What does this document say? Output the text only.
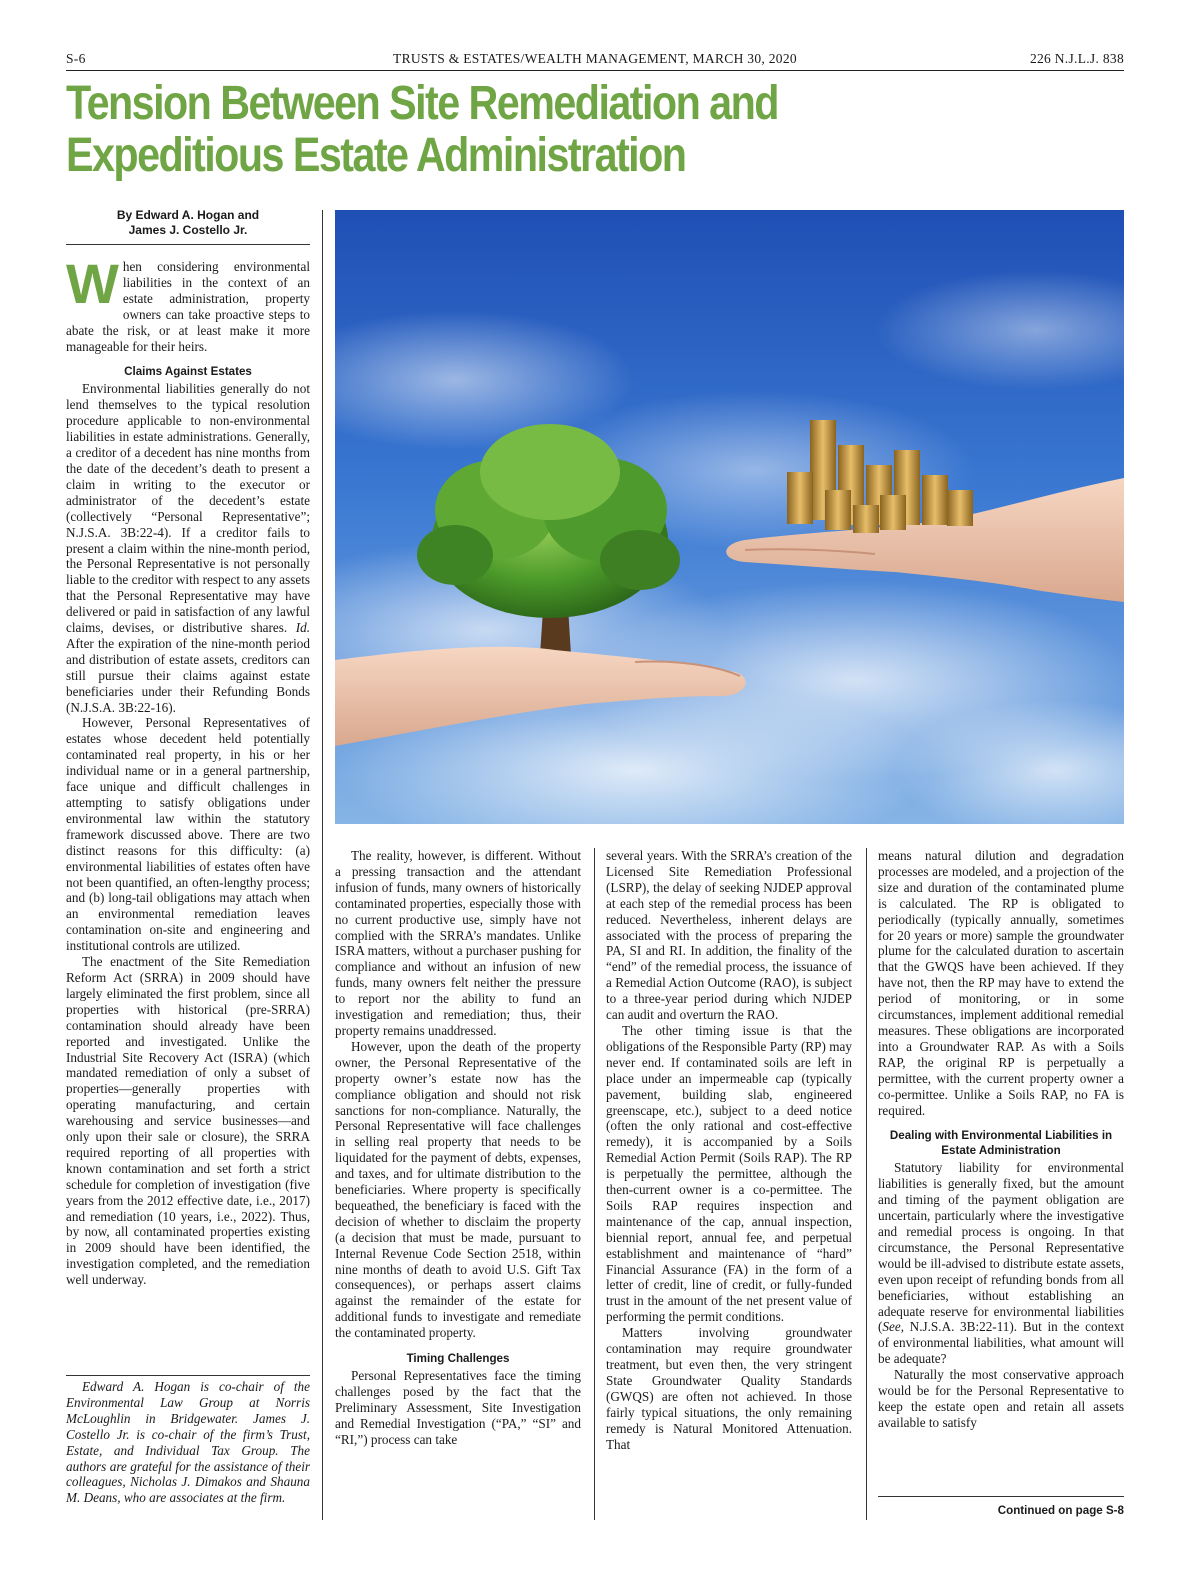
S-6	TRUSTS & ESTATES/WEALTH MANAGEMENT, MARCH 30, 2020	226 N.J.L.J. 838
Tension Between Site Remediation and Expeditious Estate Administration
By Edward A. Hogan and
James J. Costello Jr.

When considering environmental liabilities in the context of an estate administration, property owners can take proactive steps to abate the risk, or at least make it more manageable for their heirs.

Claims Against Estates

Environmental liabilities generally do not lend themselves to the typical resolution procedure applicable to non-environmental liabilities in estate administrations. Generally, a creditor of a decedent has nine months from the date of the decedent’s death to present a claim in writing to the executor or administrator of the decedent’s estate (collectively “Personal Representative”; N.J.S.A. 3B:22-4). If a creditor fails to present a claim within the nine-month period, the Personal Representative is not personally liable to the creditor with respect to any assets that the Personal Representative may have delivered or paid in satisfaction of any lawful claims, devises, or distributive shares. Id. After the expiration of the nine-month period and distribution of estate assets, creditors can still pursue their claims against estate beneficiaries under their Refunding Bonds (N.J.S.A. 3B:22-16).

However, Personal Representatives of estates whose decedent held potentially contaminated real property, in his or her individual name or in a general partnership, face unique and difficult challenges in attempting to satisfy obligations under environmental law within the statutory framework discussed above. There are two distinct reasons for this difficulty: (a) environmental liabilities of estates often have not been quantified, an often-lengthy process; and (b) long-tail obligations may attach when an environmental remediation leaves contamination on-site and engineering and institutional controls are utilized.

The enactment of the Site Remediation Reform Act (SRRA) in 2009 should have largely eliminated the first problem, since all properties with historical (pre-SRRA) contamination should already have been reported and investigated. Unlike the Industrial Site Recovery Act (ISRA) (which mandated remediation of only a subset of properties—generally properties with operating manufacturing, and certain warehousing and service businesses—and only upon their sale or closure), the SRRA required reporting of all properties with known contamination and set forth a strict schedule for completion of investigation (five years from the 2012 effective date, i.e., 2017) and remediation (10 years, i.e., 2022). Thus, by now, all contaminated properties existing in 2009 should have been identified, the investigation completed, and the remediation well underway.

Edward A. Hogan is co-chair of the Environmental Law Group at Norris McLoughlin in Bridgewater. James J. Costello Jr. is co-chair of the firm’s Trust, Estate, and Individual Tax Group. The authors are grateful for the assistance of their colleagues, Nicholas J. Dimakos and Shauna M. Deans, who are associates at the firm.

The reality, however, is different. Without a pressing transaction and the attendant infusion of funds, many owners of historically contaminated properties, especially those with no current productive use, simply have not complied with the SRRA’s mandates. Unlike ISRA matters, without a purchaser pushing for compliance and without an infusion of new funds, many owners felt neither the pressure to report nor the ability to fund an investigation and remediation; thus, their property remains unaddressed.

However, upon the death of the property owner, the Personal Representative of the property owner’s estate now has the compliance obligation and should not risk sanctions for non-compliance. Naturally, the Personal Representative will face challenges in selling real property that needs to be liquidated for the payment of debts, expenses, and taxes, and for ultimate distribution to the beneficiaries. Where property is specifically bequeathed, the beneficiary is faced with the decision of whether to disclaim the property (a decision that must be made, pursuant to Internal Revenue Code Section 2518, within nine months of death to avoid U.S. Gift Tax consequences), or perhaps assert claims against the remainder of the estate for additional funds to investigate and remediate the contaminated property.

Timing Challenges

Personal Representatives face the timing challenges posed by the fact that the Preliminary Assessment, Site Investigation and Remedial Investigation (“PA,” “SI” and “RI,”) process can take

several years. With the SRRA’s creation of the Licensed Site Remediation Professional (LSRP), the delay of seeking NJDEP approval at each step of the remedial process has been reduced. Nevertheless, inherent delays are associated with the process of preparing the PA, SI and RI. In addition, the finality of the “end” of the remedial process, the issuance of a Remedial Action Outcome (RAO), is subject to a three-year period during which NJDEP can audit and overturn the RAO.

The other timing issue is that the obligations of the Responsible Party (RP) may never end. If contaminated soils are left in place under an impermeable cap (typically pavement, building slab, engineered greenscape, etc.), subject to a deed notice (often the only rational and cost-effective remedy), it is accompanied by a Soils Remedial Action Permit (Soils RAP). The RP is perpetually the permittee, although the then-current owner is a co-permittee. The Soils RAP requires inspection and maintenance of the cap, annual inspection, biennial report, annual fee, and perpetual establishment and maintenance of “hard” Financial Assurance (FA) in the form of a letter of credit, line of credit, or fully-funded trust in the amount of the net present value of performing the permit conditions.

Matters involving groundwater contamination may require groundwater treatment, but even then, the very stringent State Groundwater Quality Standards (GWQS) are often not achieved. In those fairly typical situations, the only remaining remedy is Natural Monitored Attenuation. That

means natural dilution and degradation processes are modeled, and a projection of the size and duration of the contaminated plume is calculated. The RP is obligated to periodically (typically annually, sometimes for 20 years or more) sample the groundwater plume for the calculated duration to ascertain that the GWQS have been achieved. If they have not, then the RP may have to extend the period of monitoring, or in some circumstances, implement additional remedial measures. These obligations are incorporated into a Groundwater RAP. As with a Soils RAP, the original RP is perpetually a permittee, with the current property owner a co-permittee. Unlike a Soils RAP, no FA is required.

Dealing with Environmental Liabilities in Estate Administration

Statutory liability for environmental liabilities is generally fixed, but the amount and timing of the payment obligation are uncertain, particularly where the investigative and remedial process is ongoing. In that circumstance, the Personal Representative would be ill-advised to distribute estate assets, even upon receipt of refunding bonds from all beneficiaries, without establishing an adequate reserve for environmental liabilities (See, N.J.S.A. 3B:22-11). But in the context of environmental liabilities, what amount will be adequate?

Naturally the most conservative approach would be for the Personal Representative to keep the estate open and retain all assets available to satisfy

Continued on page S-8
